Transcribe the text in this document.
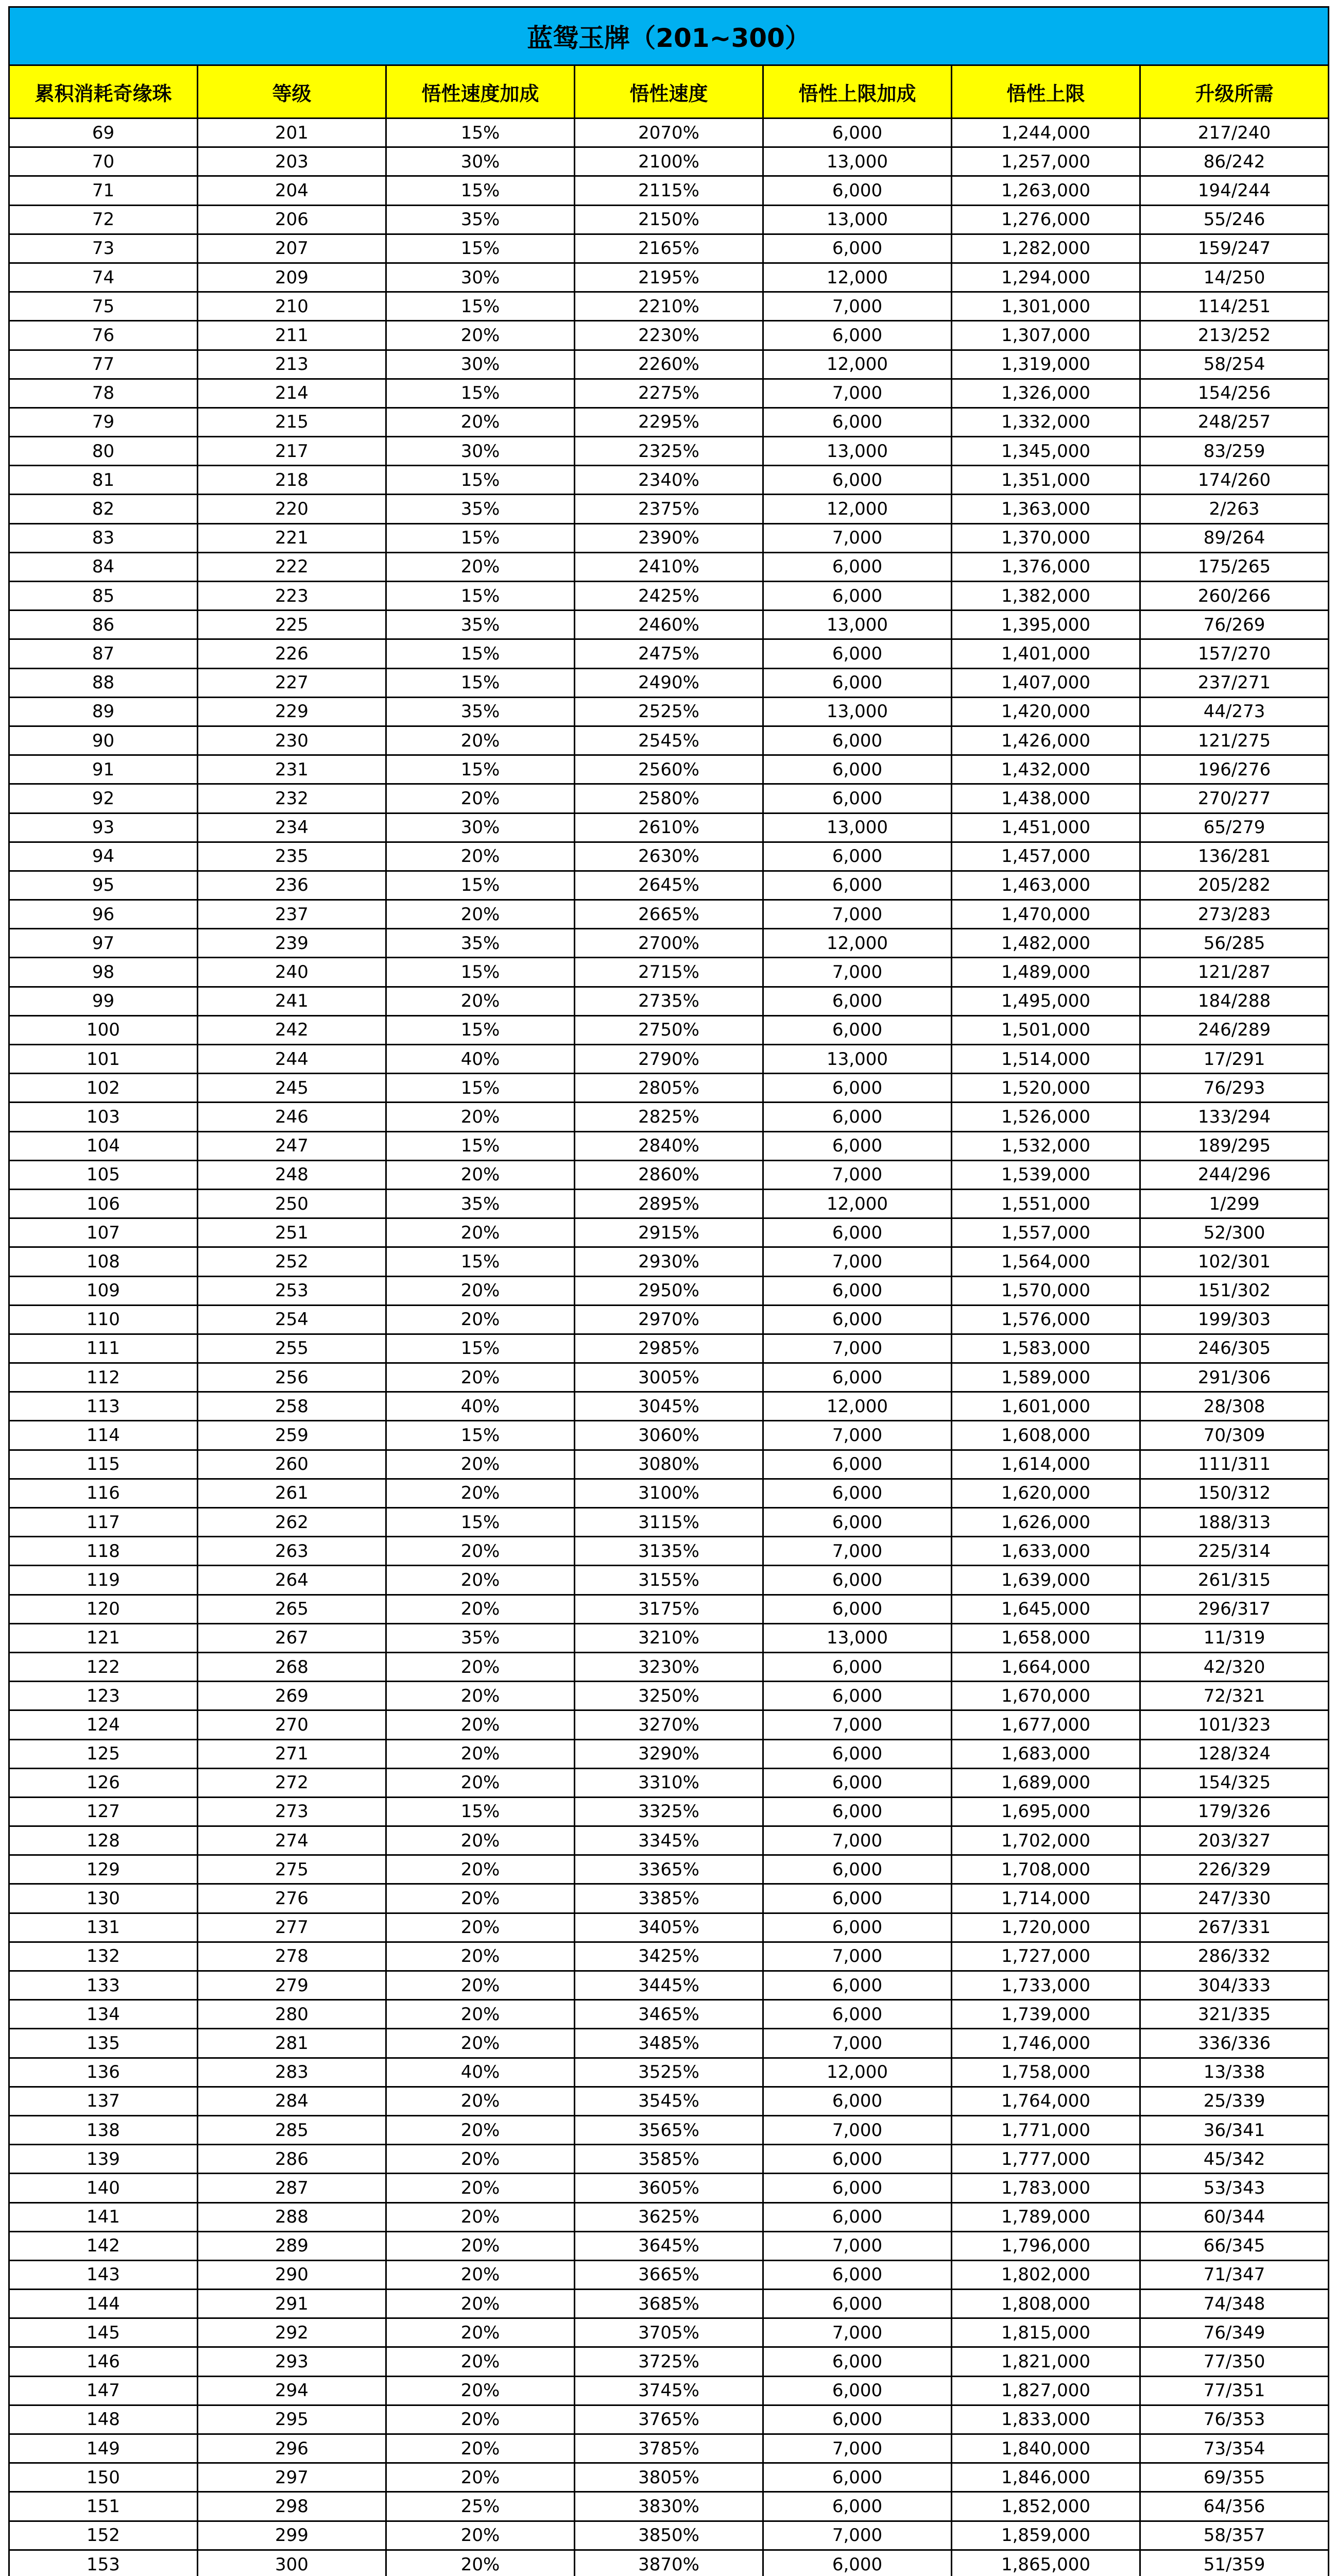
蓝鸳玉牌（201~300）						
累积消耗奇缘珠	等级	悟性速度加成	悟性速度	悟性上限加成	悟性上限	升级所需
69	201	15%	2070%	6,000	1,244,000	217/240
70	203	30%	2100%	13,000	1,257,000	86/242
71	204	15%	2115%	6,000	1,263,000	194/244
72	206	35%	2150%	13,000	1,276,000	55/246
73	207	15%	2165%	6,000	1,282,000	159/247
74	209	30%	2195%	12,000	1,294,000	14/250
75	210	15%	2210%	7,000	1,301,000	114/251
76	211	20%	2230%	6,000	1,307,000	213/252
77	213	30%	2260%	12,000	1,319,000	58/254
78	214	15%	2275%	7,000	1,326,000	154/256
79	215	20%	2295%	6,000	1,332,000	248/257
80	217	30%	2325%	13,000	1,345,000	83/259
81	218	15%	2340%	6,000	1,351,000	174/260
82	220	35%	2375%	12,000	1,363,000	2/263
83	221	15%	2390%	7,000	1,370,000	89/264
84	222	20%	2410%	6,000	1,376,000	175/265
85	223	15%	2425%	6,000	1,382,000	260/266
86	225	35%	2460%	13,000	1,395,000	76/269
87	226	15%	2475%	6,000	1,401,000	157/270
88	227	15%	2490%	6,000	1,407,000	237/271
89	229	35%	2525%	13,000	1,420,000	44/273
90	230	20%	2545%	6,000	1,426,000	121/275
91	231	15%	2560%	6,000	1,432,000	196/276
92	232	20%	2580%	6,000	1,438,000	270/277
93	234	30%	2610%	13,000	1,451,000	65/279
94	235	20%	2630%	6,000	1,457,000	136/281
95	236	15%	2645%	6,000	1,463,000	205/282
96	237	20%	2665%	7,000	1,470,000	273/283
97	239	35%	2700%	12,000	1,482,000	56/285
98	240	15%	2715%	7,000	1,489,000	121/287
99	241	20%	2735%	6,000	1,495,000	184/288
100	242	15%	2750%	6,000	1,501,000	246/289
101	244	40%	2790%	13,000	1,514,000	17/291
102	245	15%	2805%	6,000	1,520,000	76/293
103	246	20%	2825%	6,000	1,526,000	133/294
104	247	15%	2840%	6,000	1,532,000	189/295
105	248	20%	2860%	7,000	1,539,000	244/296
106	250	35%	2895%	12,000	1,551,000	1/299
107	251	20%	2915%	6,000	1,557,000	52/300
108	252	15%	2930%	7,000	1,564,000	102/301
109	253	20%	2950%	6,000	1,570,000	151/302
110	254	20%	2970%	6,000	1,576,000	199/303
111	255	15%	2985%	7,000	1,583,000	246/305
112	256	20%	3005%	6,000	1,589,000	291/306
113	258	40%	3045%	12,000	1,601,000	28/308
114	259	15%	3060%	7,000	1,608,000	70/309
115	260	20%	3080%	6,000	1,614,000	111/311
116	261	20%	3100%	6,000	1,620,000	150/312
117	262	15%	3115%	6,000	1,626,000	188/313
118	263	20%	3135%	7,000	1,633,000	225/314
119	264	20%	3155%	6,000	1,639,000	261/315
120	265	20%	3175%	6,000	1,645,000	296/317
121	267	35%	3210%	13,000	1,658,000	11/319
122	268	20%	3230%	6,000	1,664,000	42/320
123	269	20%	3250%	6,000	1,670,000	72/321
124	270	20%	3270%	7,000	1,677,000	101/323
125	271	20%	3290%	6,000	1,683,000	128/324
126	272	20%	3310%	6,000	1,689,000	154/325
127	273	15%	3325%	6,000	1,695,000	179/326
128	274	20%	3345%	7,000	1,702,000	203/327
129	275	20%	3365%	6,000	1,708,000	226/329
130	276	20%	3385%	6,000	1,714,000	247/330
131	277	20%	3405%	6,000	1,720,000	267/331
132	278	20%	3425%	7,000	1,727,000	286/332
133	279	20%	3445%	6,000	1,733,000	304/333
134	280	20%	3465%	6,000	1,739,000	321/335
135	281	20%	3485%	7,000	1,746,000	336/336
136	283	40%	3525%	12,000	1,758,000	13/338
137	284	20%	3545%	6,000	1,764,000	25/339
138	285	20%	3565%	7,000	1,771,000	36/341
139	286	20%	3585%	6,000	1,777,000	45/342
140	287	20%	3605%	6,000	1,783,000	53/343
141	288	20%	3625%	6,000	1,789,000	60/344
142	289	20%	3645%	7,000	1,796,000	66/345
143	290	20%	3665%	6,000	1,802,000	71/347
144	291	20%	3685%	6,000	1,808,000	74/348
145	292	20%	3705%	7,000	1,815,000	76/349
146	293	20%	3725%	6,000	1,821,000	77/350
147	294	20%	3745%	6,000	1,827,000	77/351
148	295	20%	3765%	6,000	1,833,000	76/353
149	296	20%	3785%	7,000	1,840,000	73/354
150	297	20%	3805%	6,000	1,846,000	69/355
151	298	25%	3830%	6,000	1,852,000	64/356
152	299	20%	3850%	7,000	1,859,000	58/357
153	300	20%	3870%	6,000	1,865,000	51/359
